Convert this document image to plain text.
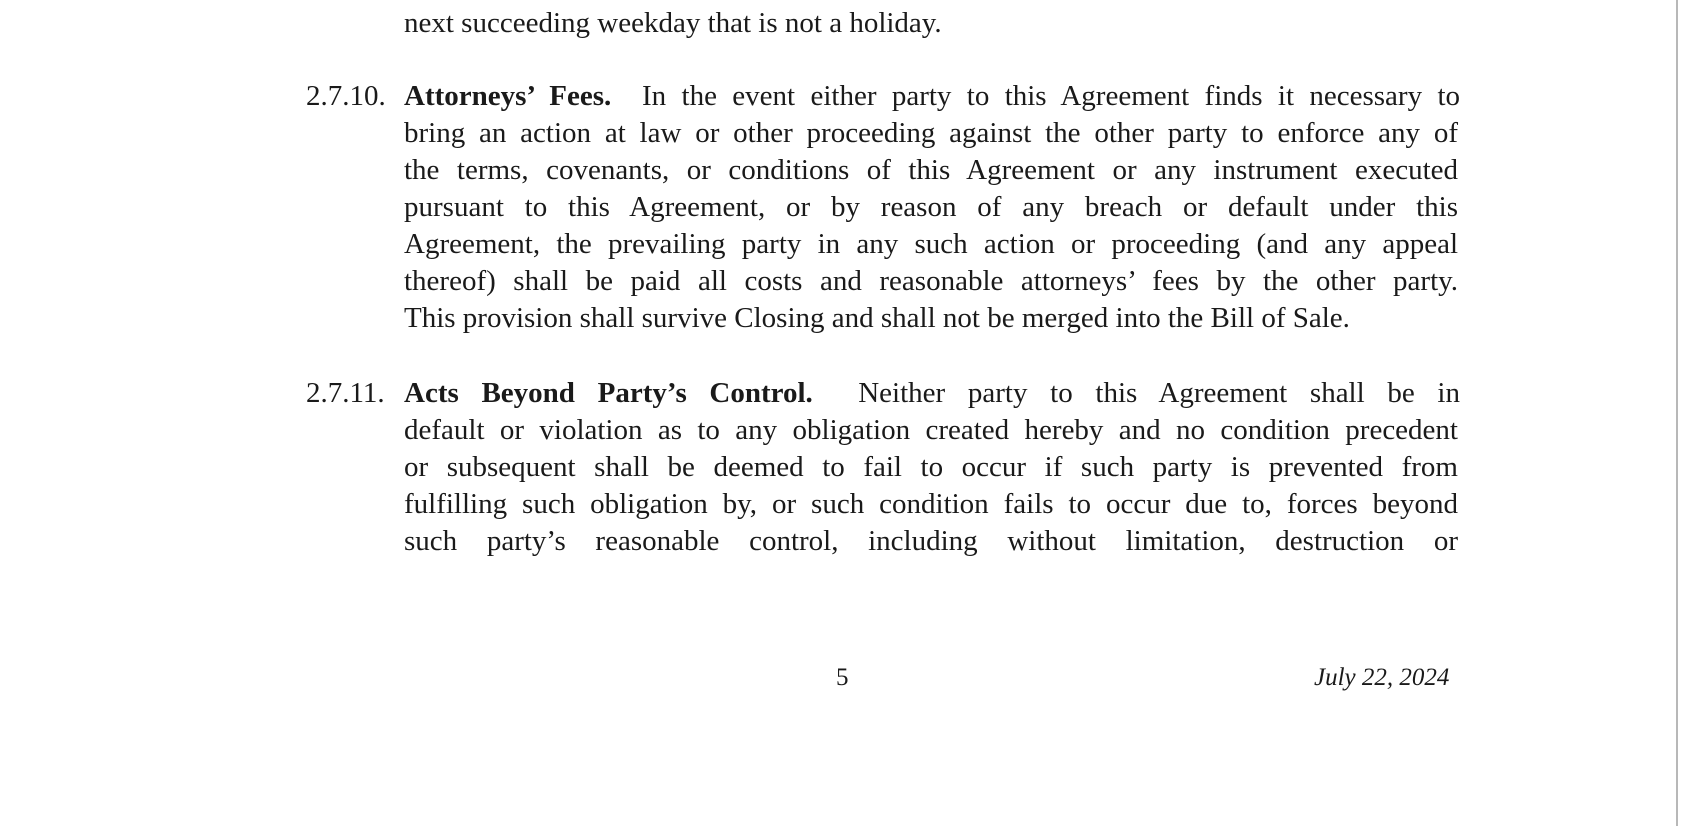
next succeeding weekday that is not a holiday.
2.7.10. Attorneys’ Fees. In the event either party to this Agreement finds it necessary to
bring an action at law or other proceeding against the other party to enforce any of
the terms, covenants, or conditions of this Agreement or any instrument executed
pursuant to this Agreement, or by reason of any breach or default under this
Agreement, the prevailing party in any such action or proceeding (and any appeal
thereof) shall be paid all costs and reasonable attorneys’ fees by the other party.
This provision shall survive Closing and shall not be merged into the Bill of Sale.
2.7.11. Acts Beyond Party’s Control. Neither party to this Agreement shall be in
default or violation as to any obligation created hereby and no condition precedent
or subsequent shall be deemed to fail to occur if such party is prevented from
fulfilling such obligation by, or such condition fails to occur due to, forces beyond
such party’s reasonable control, including without limitation, destruction or
5	July 22, 2024
